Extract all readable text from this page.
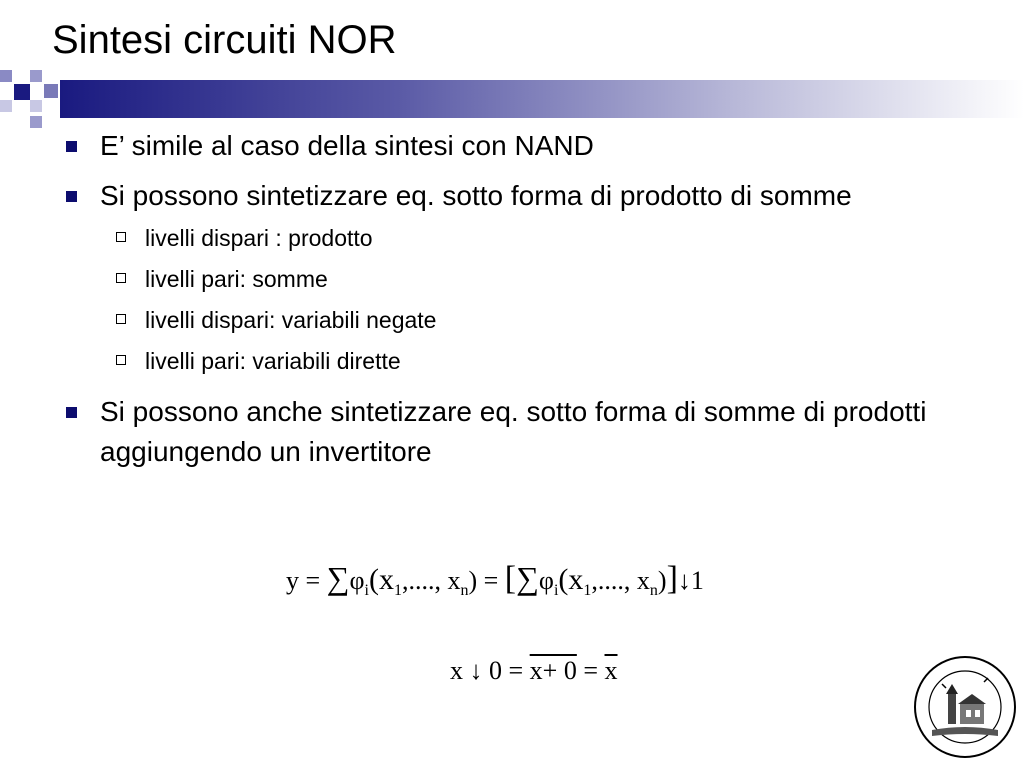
Sintesi circuiti NOR
E’ simile al caso della sintesi con NAND
Si possono sintetizzare eq. sotto forma di prodotto di somme
livelli dispari : prodotto
livelli pari: somme
livelli dispari: variabili negate
livelli pari: variabili dirette
Si possono anche sintetizzare eq. sotto forma di somme di prodotti aggiungendo un invertitore
$y = \sum\varphi_i(x_1$,...., $x_n) = [\sum\varphi_i(x_1$,...., $x_n)]↓1$
x ↓ $0 = x+ 0 = \overline{x}$
